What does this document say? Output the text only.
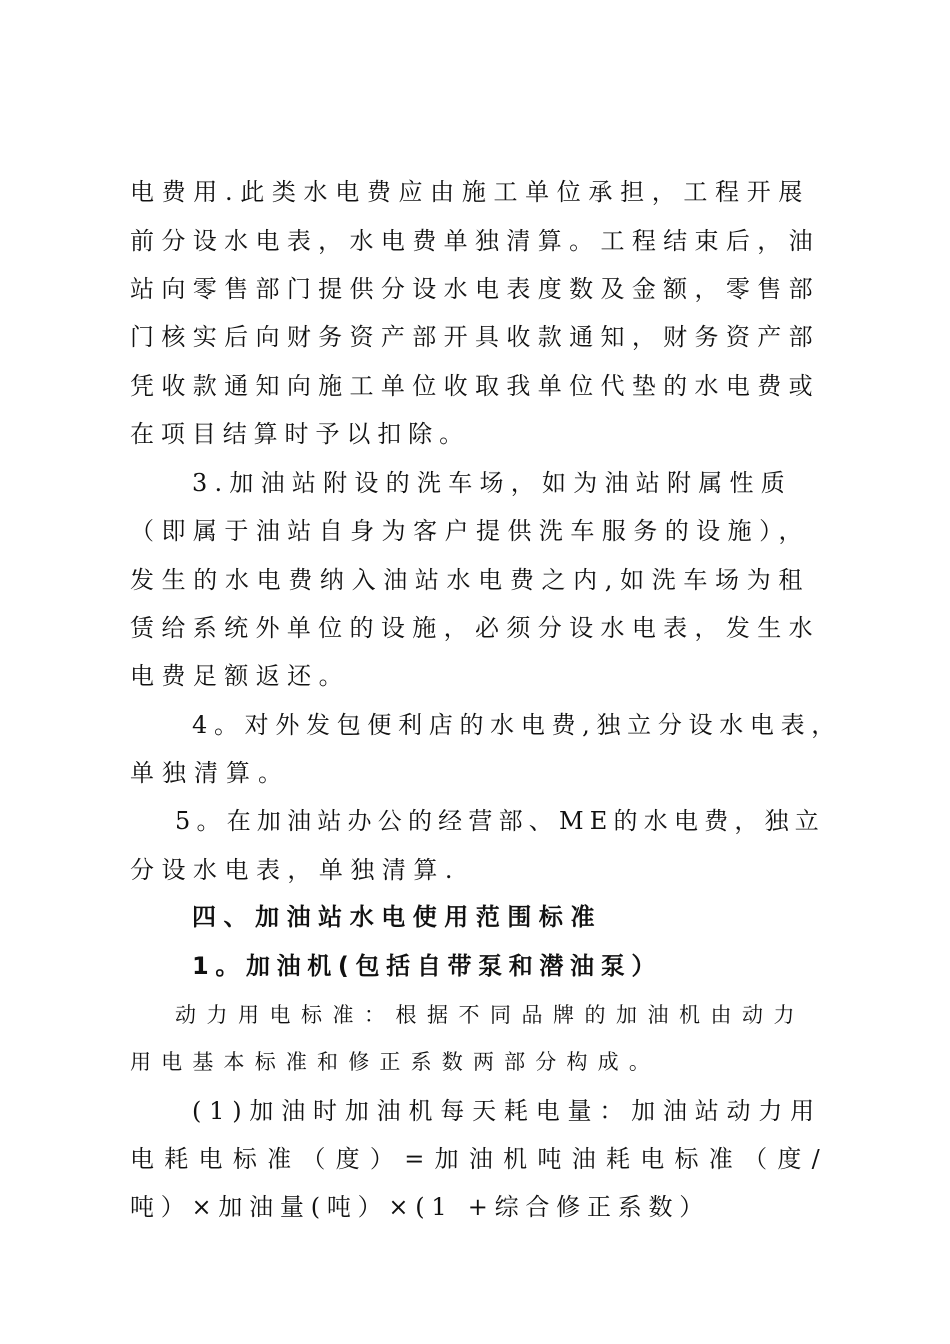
电费用.此类水电费应由施工单位承担，工程开展
前分设水电表，水电费单独清算。工程结束后，油
站向零售部门提供分设水电表度数及金额，零售部
门核实后向财务资产部开具收款通知，财务资产部
凭收款通知向施工单位收取我单位代垫的水电费或
在项目结算时予以扣除。
3.加油站附设的洗车场，如为油站附属性质
（即属于油站自身为客户提供洗车服务的设施），
发生的水电费纳入油站水电费之内,如洗车场为租
赁给系统外单位的设施，必须分设水电表，发生水
电费足额返还。
4。对外发包便利店的水电费,独立分设水电表，
单独清算。
5。在加油站办公的经营部、ME的水电费，独立
分设水电表，单独清算.
四、加油站水电使用范围标准
1。加油机(包括自带泵和潜油泵）
动力用电标准：根据不同品牌的加油机由动力
用电基本标准和修正系数两部分构成。
(1)加油时加油机每天耗电量：加油站动力用
电耗电标准（度）=加油机吨油耗电标准（度/
吨）×加油量(吨）×(1 +综合修正系数）
